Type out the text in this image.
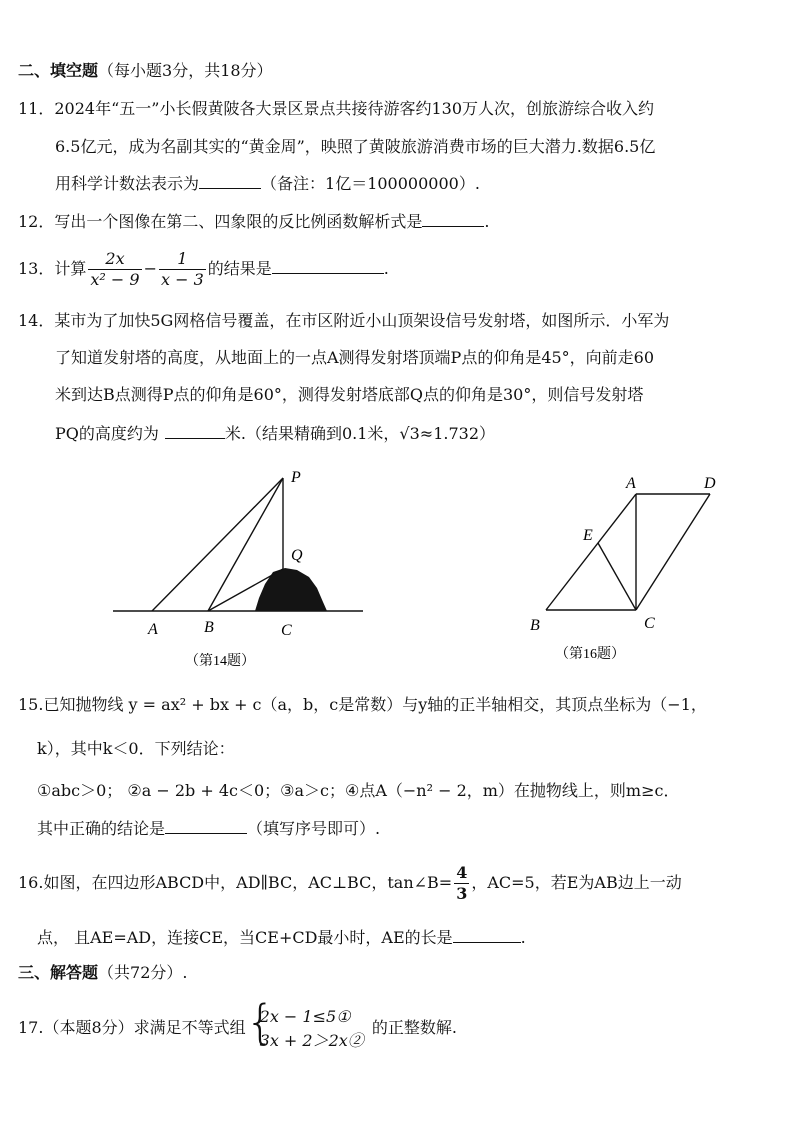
二、填空题（每小题3分，共18分）
11．2024年“五一”小长假黄陂各大景区景点共接待游客约130万人次，创旅游综合收入约
6.5亿元，成为名副其实的“黄金周”，映照了黄陂旅游消费市场的巨大潜力.数据6.5亿
用科学计数法表示为	（备注：1亿＝100000000）.
12．写出一个图像在第二、四象限的反比例函数解析式是	.
13．计算 $\frac{2x}{\text{x² − 9}} - \frac{1}{x - 3}$ 的结果是	.
14．某市为了加快5G网格信号覆盖，在市区附近小山顶架设信号发射塔，如图所示．小军为
了知道发射塔的高度，从地面上的一点A测得发射塔顶端P点的仰角是45°，向前走60
米到达B点测得P点的仰角是60°，测得发射塔底部Q点的仰角是30°，则信号发射塔
PQ的高度约为	米.（结果精确到0.1米，√3≈1.732）
P
Q
A	B	C
（第14题）
A	D
E
B	C
（第16题）
15.已知抛物线 y = ax² + bx + c（a，b，c是常数）与y轴的正半轴相交，其顶点坐标为（−1，
k），其中k＜0．下列结论：
①abc＞0； ②a − 2b + 4c＜0；③a＞c；④点A（−n² − 2，m）在抛物线上，则m≥c．
其中正确的结论是	（填写序号即可）.
16.如图，在四边形ABCD中，AD∥BC，AC⊥BC，tan∠B= $\frac{4}{3}$ ，AC=5，若E为AB边上一动
点， 且AE=AD，连接CE，当CE+CD最小时，AE的长是	.
三、解答题（共72分）.
17.（本题8分）求满足不等式组 {
2x − 1≤5①
3x + 2＞2x②
的正整数解.
